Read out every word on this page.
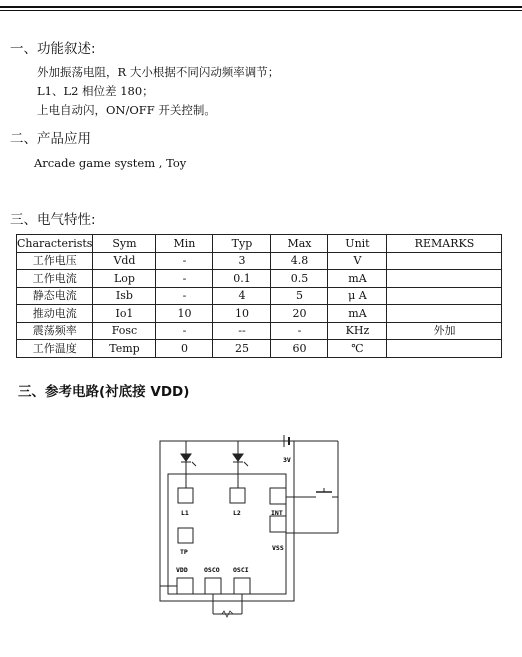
一、功能叙述:
外加振荡电阻，R 大小根据不同闪动频率调节；
L1、L2 相位差 180；
上电自动闪，ON/OFF 开关控制。
二、产品应用
Arcade game system , Toy
三、电气特性:
Characterists	Sym	Min	Typ	Max	Unit	REMARKS
工作电压	Vdd	-	3	4.8	V	
工作电流	Lop	-	0.1	0.5	mA	
静态电流	Isb	-	4	5	μ A	
推动电流	Io1	10	10	20	mA	
震荡频率	Fosc	-	--	-	KHz	外加
工作温度	Temp	0	25	60	℃	
三、参考电路(衬底接 VDD)
3V
L1	L2	INT
TP	VSS
VDD	OSCO OSCI
